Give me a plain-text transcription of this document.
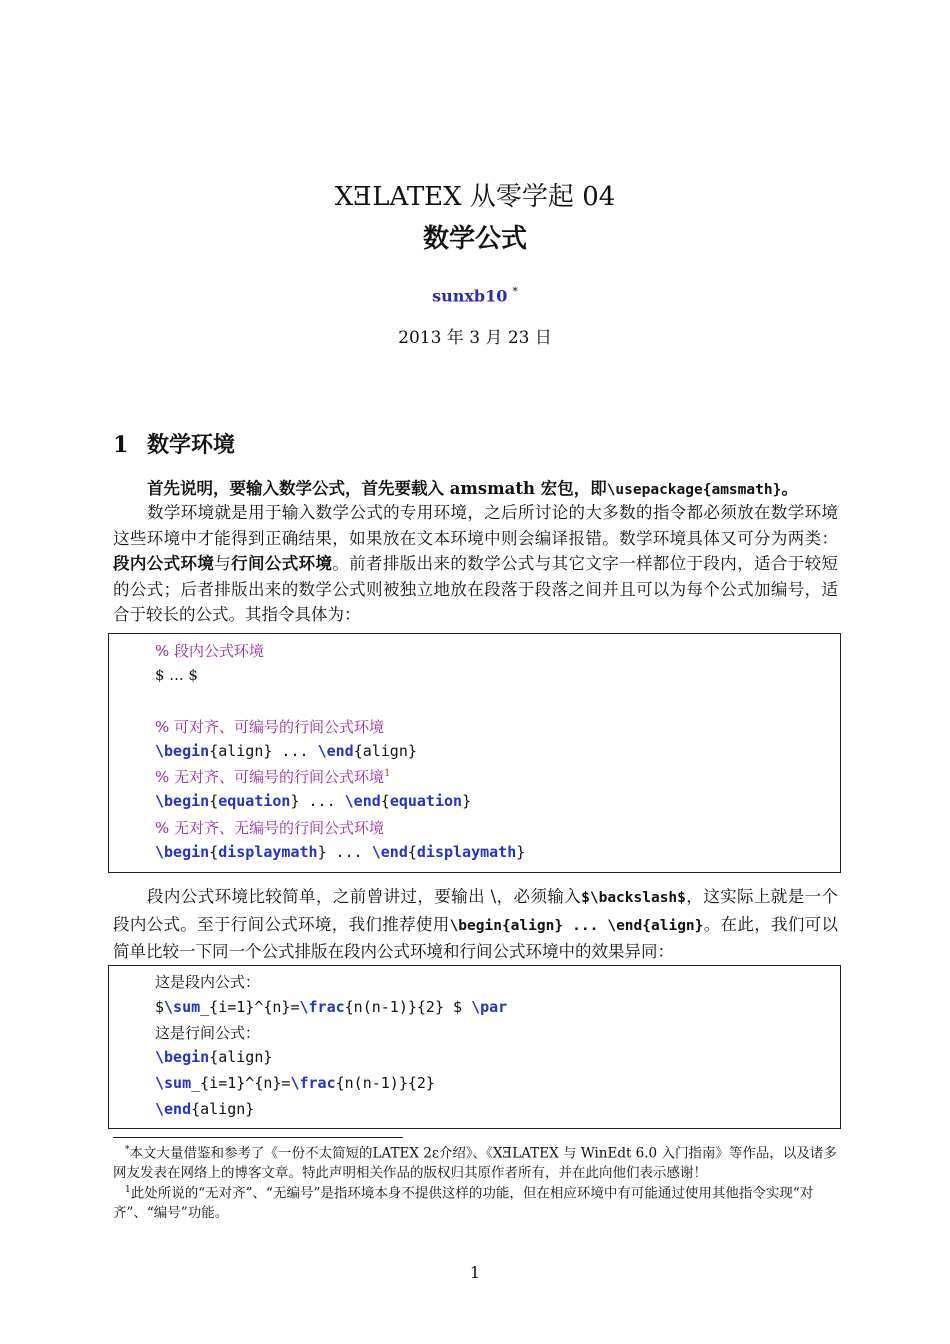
XƎLATEX 从零学起 04
数学公式
sunxb10 *
2013 年 3 月 23 日
1 数学环境
首先说明，要输入数学公式，首先要载入 amsmath 宏包，即\usepackage{amsmath}。
数学环境就是用于输入数学公式的专用环境，之后所讨论的大多数的指令都必须放在数学环境这些环境中才能得到正确结果，如果放在文本环境中则会编译报错。数学环境具体又可分为两类：段内公式环境与行间公式环境。前者排版出来的数学公式与其它文字一样都位于段内，适合于较短的公式；后者排版出来的数学公式则被独立地放在段落于段落之间并且可以为每个公式加编号，适合于较长的公式。其指令具体为：
% 段内公式环境
$ ... $
% 可对齐、可编号的行间公式环境
\begin{align} ... \end{align}
% 无对齐、可编号的行间公式环境$^1$
\begin{equation} ... \end{equation}
% 无对齐、无编号的行间公式环境
\begin{displaymath} ... \end{displaymath}
段内公式环境比较简单，之前曾讲过，要输出 \，必须输入$\backslash$，这实际上就是一个段内公式。至于行间公式环境，我们推荐使用\begin{align} ... \end{align}。在此，我们可以简单比较一下同一个公式排版在段内公式环境和行间公式环境中的效果异同：
这是段内公式：
$\sum_{i=1}^{n}=\frac{n(n-1)}{2} $ \par
这是行间公式：
\begin{align}
\sum_{i=1}^{n}=\frac{n(n-1)}{2}
\end{align}
*本文大量借鉴和参考了《一份不太简短的LATEX 2ε介绍》、《XƎLATEX 与 WinEdt 6.0 入门指南》等作品，以及诸多网友发表在网络上的博客文章。特此声明相关作品的版权归其原作者所有，并在此向他们表示感谢！
$^1$此处所说的“无对齐”、“无编号”是指环境本身不提供这样的功能，但在相应环境中有可能通过使用其他指令实现“对齐”、“编号”功能。
1
